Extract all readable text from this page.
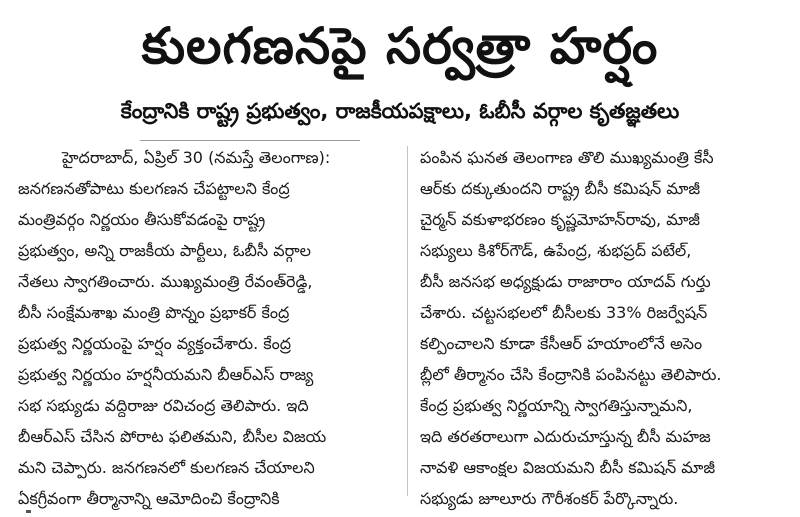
కులగణనపై సర్వత్రా హర్షం
కేంద్రానికి రాష్ట్ర ప్రభుత్వం, రాజకీయపక్షాలు, ఓబీసీ వర్గాల కృతజ్ఞతలు
హైదరాబాద్, ఏప్రిల్ 30 (నమస్తే తెలంగాణ):
జనగణనతోపాటు కులగణన చేపట్టాలని కేంద్ర
మంత్రివర్గం నిర్ణయం తీసుకోవడంపై రాష్ట్ర
ప్రభుత్వం, అన్ని రాజకీయ పార్టీలు, ఓబీసీ వర్గాల
నేతలు స్వాగతించారు. ముఖ్యమంత్రి రేవంత్‌రెడ్డి,
బీసీ సంక్షేమశాఖ మంత్రి పొన్నం ప్రభాకర్ కేంద్ర
ప్రభుత్వ నిర్ణయంపై హర్షం వ్యక్తంచేశారు. కేంద్ర
ప్రభుత్వ నిర్ణయం హర్షనీయమని బీఆర్‌ఎస్ రాజ్య
సభ సభ్యుడు వద్దిరాజు రవిచంద్ర తెలిపారు. ఇది
బీఆర్‌ఎస్ చేసిన పోరాట ఫలితమని, బీసీల విజయ
మని చెప్పారు. జనగణనలో కులగణన చేయాలని
ఏకగ్రీవంగా తీర్మానాన్ని ఆమోదించి కేంద్రానికి
పంపిన ఘనత తెలంగాణ తొలి ముఖ్యమంత్రి కేసీ
ఆర్‌కు దక్కుతుందని రాష్ట్ర బీసీ కమిషన్ మాజీ
చైర్మన్ వకుళాభరణం కృష్ణమోహన్‌రావు, మాజీ
సభ్యులు కిశోర్‌గౌడ్, ఉపేంద్ర, శుభప్రద్ పటేల్,
బీసీ జనసభ అధ్యక్షుడు రాజారాం యాదవ్ గుర్తు
చేశారు. చట్టసభలలో బీసీలకు 33% రిజర్వేషన్
కల్పించాలని కూడా కేసీఆర్ హయాంలోనే అసెం
బ్లీలో తీర్మానం చేసి కేంద్రానికి పంపినట్టు తెలిపారు.
కేంద్ర ప్రభుత్వ నిర్ణయాన్ని స్వాగతిస్తున్నామని,
ఇది తరతరాలుగా ఎదురుచూస్తున్న బీసీ మహజ
నావళి ఆకాంక్షల విజయమని బీసీ కమిషన్ మాజీ
సభ్యుడు జూలూరు గౌరీశంకర్ పేర్కొన్నారు.
